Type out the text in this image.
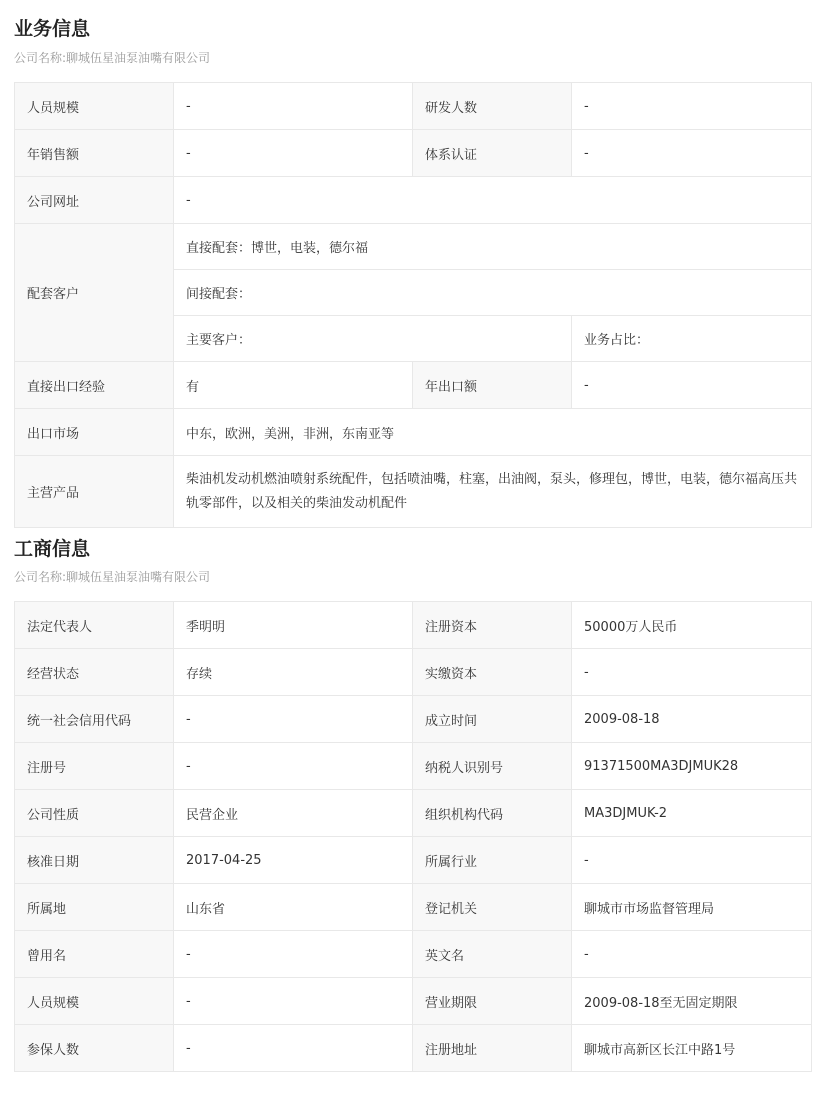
业务信息
公司名称:聊城伍星油泵油嘴有限公司
人员规模	-	研发人数	-
年销售额	-	体系认证	-
公司网址	-		
配套客户	直接配套：博世，电装，德尔福		
	间接配套：		
	主要客户：		业务占比：
直接出口经验	有	年出口额	-
出口市场	中东，欧洲，美洲，非洲，东南亚等		
主营产品	柴油机发动机燃油喷射系统配件，包括喷油嘴，柱塞，出油阀，泵头，修理包，博世，电装，德尔福高压共轨零部件，以及相关的柴油发动机配件		
工商信息
公司名称:聊城伍星油泵油嘴有限公司
法定代表人	季明明	注册资本	50000万人民币
经营状态	存续	实缴资本	-
统一社会信用代码	-	成立时间	2009-08-18
注册号	-	纳税人识别号	91371500MA3DJMUK28
公司性质	民营企业	组织机构代码	MA3DJMUK-2
核准日期	2017-04-25	所属行业	-
所属地	山东省	登记机关	聊城市市场监督管理局
曾用名	-	英文名	-
人员规模	-	营业期限	2009-08-18至无固定期限
参保人数	-	注册地址	聊城市高新区长江中路1号
